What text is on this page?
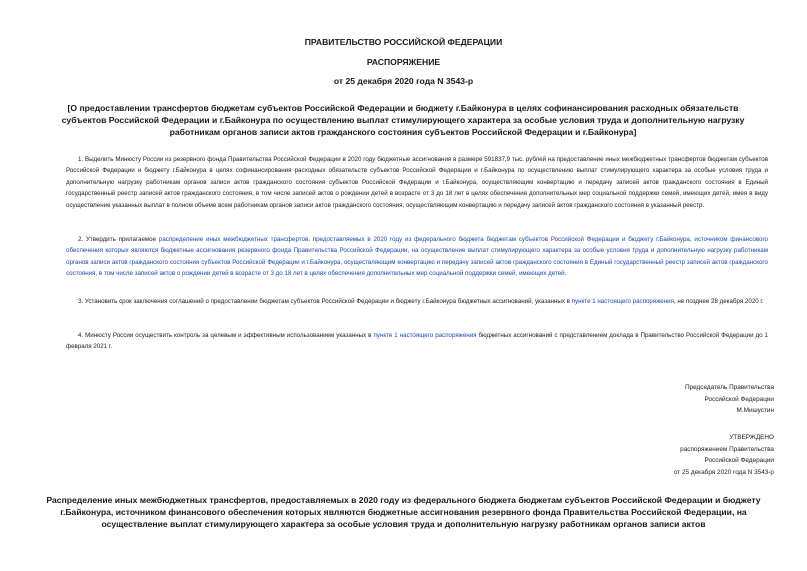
ПРАВИТЕЛЬСТВО РОССИЙСКОЙ ФЕДЕРАЦИИ
РАСПОРЯЖЕНИЕ
от 25 декабря 2020 года N 3543-р
[О предоставлении трансфертов бюджетам субъектов Российской Федерации и бюджету г.Байконура в целях софинансирования расходных обязательств субъектов Российской Федерации и г.Байконура по осуществлению выплат стимулирующего характера за особые условия труда и дополнительную нагрузку работникам органов записи актов гражданского состояния субъектов Российской Федерации и г.Байконура]
1. Выделить Минюсту России из резервного фонда Правительства Российской Федерации в 2020 году бюджетные ассигнования в размере 591837,9 тыс. рублей на предоставление иных межбюджетных трансфертов бюджетам субъектов Российской Федерации и бюджету г.Байконура в целях софинансирования расходных обязательств субъектов Российской Федерации и г.Байконура по осуществлению выплат стимулирующего характера за особые условия труда и дополнительную нагрузку работникам органов записи актов гражданского состояния субъектов Российской Федерации и г.Байконура, осуществляющим конвертацию и передачу записей актов гражданского состояния в Единый государственный реестр записей актов гражданского состояния, в том числе записей актов о рождении детей в возрасте от 3 до 18 лет в целях обеспечения дополнительных мер социальной поддержки семей, имеющих детей, имея в виду осуществление указанных выплат в полном объеме всем работникам органов записи актов гражданского состояния, осуществляющим конвертацию и передачу записей актов гражданского состояния в указанный реестр.
2. Утвердить прилагаемое распределение иных межбюджетных трансфертов, предоставляемых в 2020 году из федерального бюджета бюджетам субъектов Российской Федерации и бюджету г.Байконура, источником финансового обеспечения которых являются бюджетные ассигнования резервного фонда Правительства Российской Федерации, на осуществление выплат стимулирующего характера за особые условия труда и дополнительную нагрузку работникам органов записи актов гражданского состояния субъектов Российской Федерации и г.Байконура, осуществляющим конвертацию и передачу записей актов гражданского состояния в Единый государственный реестр записей актов гражданского состояния, в том числе записей актов о рождении детей в возрасте от 3 до 18 лет в целях обеспечения дополнительных мер социальной поддержки семей, имеющих детей.
3. Установить срок заключения соглашений о предоставлении бюджетам субъектов Российской Федерации и бюджету г.Байконура бюджетных ассигнований, указанных в пункте 1 настоящего распоряжения, не позднее 28 декабря 2020 г.
4. Минюсту России осуществить контроль за целевым и эффективным использованием указанных в пункте 1 настоящего распоряжения бюджетных ассигнований с представлением доклада в Правительство Российской Федерации до 1 февраля 2021 г.
Председатель Правительства
Российской Федерации
М.Мишустин
УТВЕРЖДЕНО
распоряжением Правительства
Российской Федерации
от 25 декабря 2020 года N 3543-р
Распределение иных межбюджетных трансфертов, предоставляемых в 2020 году из федерального бюджета бюджетам субъектов Российской Федерации и бюджету г.Байконура, источником финансового обеспечения которых являются бюджетные ассигнования резервного фонда Правительства Российской Федерации, на осуществление выплат стимулирующего характера за особые условия труда и дополнительную нагрузку работникам органов записи актов
